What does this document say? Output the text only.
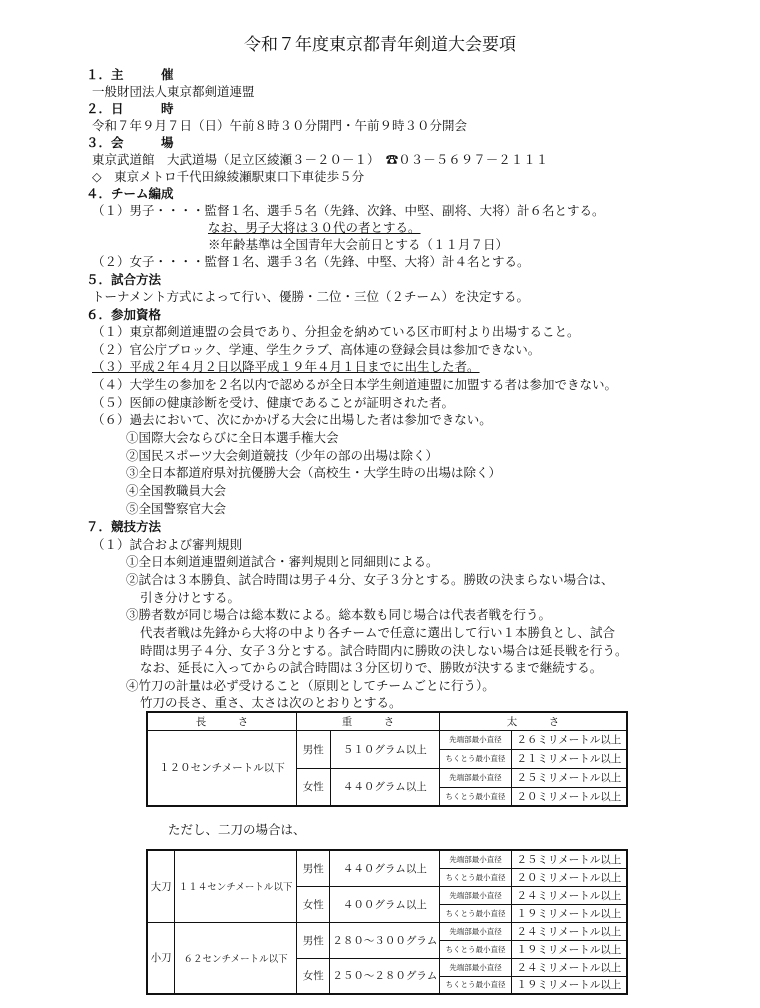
令和７年度東京都青年剣道大会要項
１．主　　　催
一般財団法人東京都剣道連盟
２．日　　　時
令和７年９月７日（日）午前８時３０分開門・午前９時３０分開会
３．会　　　場
東京武道館　大武道場（足立区綾瀬３－２０－１）　☎０３－５６９７－２１１１
◇　東京メトロ千代田線綾瀬駅東口下車徒歩５分
４．チーム編成
（１）男子・・・・監督１名、選手５名（先鋒、次鋒、中堅、副将、大将）計６名とする。
なお、男子大将は３０代の者とする。
※年齢基準は全国青年大会前日とする（１１月７日）
（２）女子・・・・監督１名、選手３名（先鋒、中堅、大将）計４名とする。
５．試合方法
トーナメント方式によって行い、優勝・二位・三位（２チーム）を決定する。
６．参加資格
（１）東京都剣道連盟の会員であり、分担金を納めている区市町村より出場すること。
（２）官公庁ブロック、学連、学生クラブ、高体連の登録会員は参加できない。
（３）平成２年４月２日以降平成１９年４月１日までに出生した者。
（４）大学生の参加を２名以内で認めるが全日本学生剣道連盟に加盟する者は参加できない。
（５）医師の健康診断を受け、健康であることが証明された者。
（６）過去において、次にかかげる大会に出場した者は参加できない。
①国際大会ならびに全日本選手権大会
②国民スポーツ大会剣道競技（少年の部の出場は除く）
③全日本都道府県対抗優勝大会（高校生・大学生時の出場は除く）
④全国教職員大会
⑤全国警察官大会
７．競技方法
（１）試合および審判規則
①全日本剣道連盟剣道試合・審判規則と同細則による。
②試合は３本勝負、試合時間は男子４分、女子３分とする。勝敗の決まらない場合は、
引き分けとする。
③勝者数が同じ場合は総本数による。総本数も同じ場合は代表者戦を行う。
代表者戦は先鋒から大将の中より各チームで任意に選出して行い１本勝負とし、試合
時間は男子４分、女子３分とする。試合時間内に勝敗の決しない場合は延長戦を行う。
なお、延長に入ってからの試合時間は３分区切りで、勝敗が決するまで継続する。
④竹刀の計量は必ず受けること（原則としてチームごとに行う）。
竹刀の長さ、重さ、太さは次のとおりとする。
長　　　さ	重　　　さ		太　　　さ	
１２０センチメートル以下	男性	５１０グラム以上	先端部最小直径	２６ミリメートル以上
			ちくとう最小直径	２１ミリメートル以上
	女性	４４０グラム以上	先端部最小直径	２５ミリメートル以上
			ちくとう最小直径	２０ミリメートル以上
ただし、二刀の場合は、
大刀	１１４センチメートル以下	男性	４４０グラム以上	先端部最小直径	２５ミリメートル以上
				ちくとう最小直径	２０ミリメートル以上
		女性	４００グラム以上	先端部最小直径	２４ミリメートル以上
				ちくとう最小直径	１９ミリメートル以上
小刀	６２センチメートル以下	男性	２８０～３００グラム	先端部最小直径	２４ミリメートル以上
				ちくとう最小直径	１９ミリメートル以上
		女性	２５０～２８０グラム	先端部最小直径	２４ミリメートル以上
				ちくとう最小直径	１９ミリメートル以上
